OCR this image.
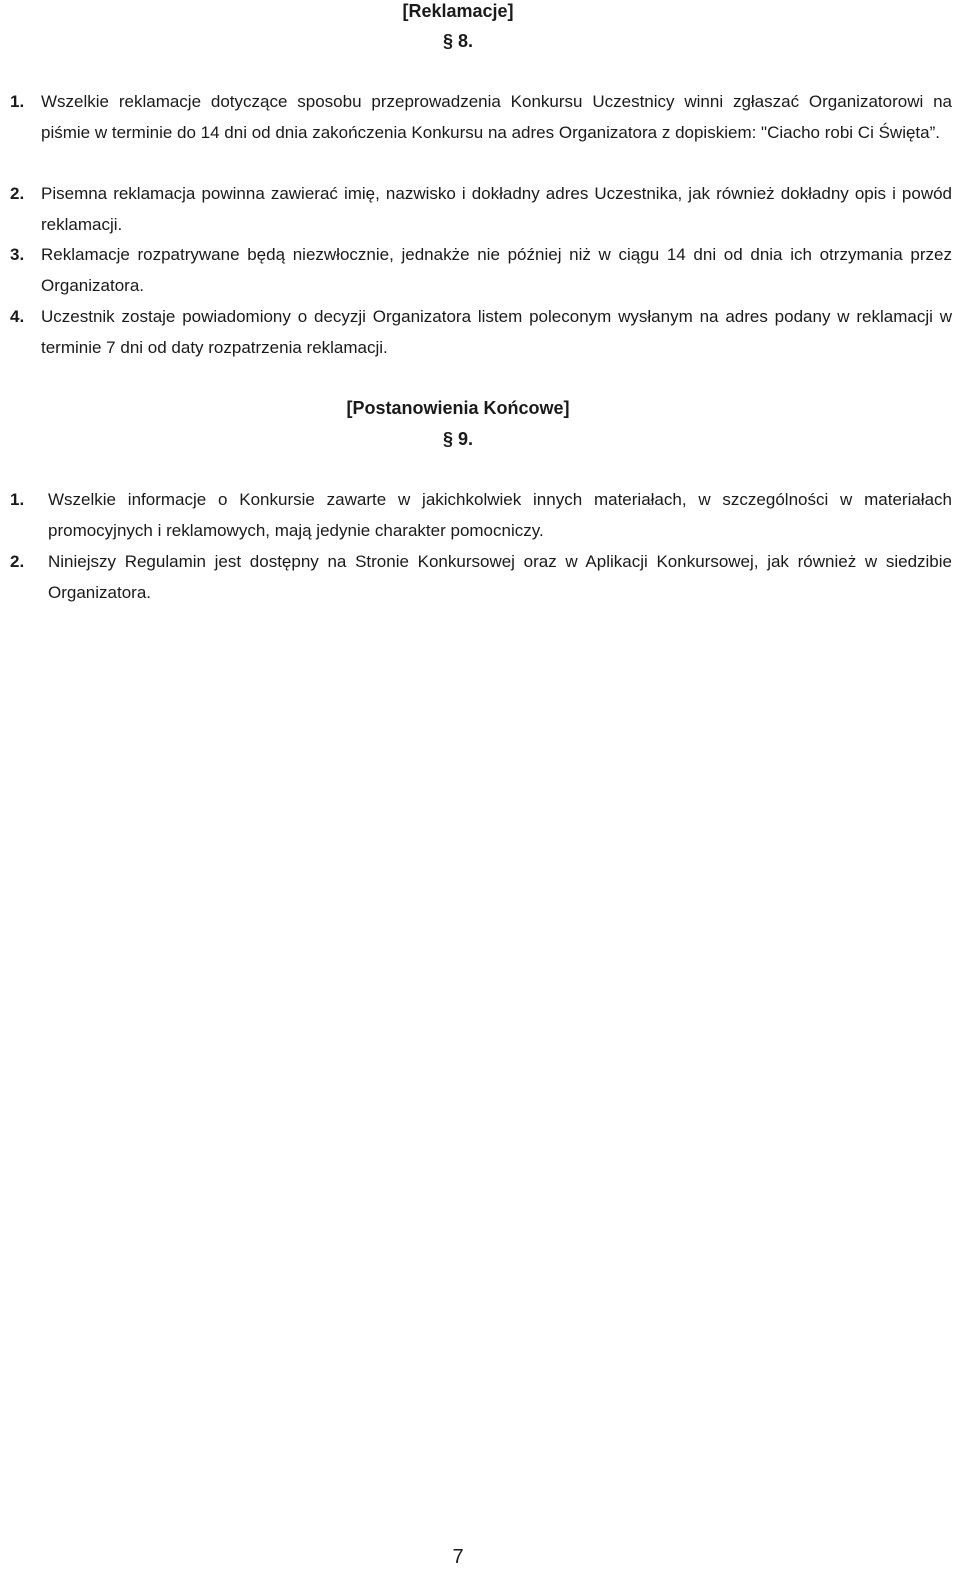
[Reklamacje]
§ 8.
1. Wszelkie reklamacje dotyczące sposobu przeprowadzenia Konkursu Uczestnicy winni zgłaszać Organizatorowi na piśmie w terminie do 14 dni od dnia zakończenia Konkursu na adres Organizatora z dopiskiem: "Ciacho robi Ci Święta”.
2. Pisemna reklamacja powinna zawierać imię, nazwisko i dokładny adres Uczestnika, jak również dokładny opis i powód reklamacji.
3. Reklamacje rozpatrywane będą niezwłocznie, jednakże nie później niż w ciągu 14 dni od dnia ich otrzymania przez Organizatora.
4. Uczestnik zostaje powiadomiony o decyzji Organizatora listem poleconym wysłanym na adres podany w reklamacji w terminie 7 dni od daty rozpatrzenia reklamacji.
[Postanowienia Końcowe]
§ 9.
1. Wszelkie informacje o Konkursie zawarte w jakichkolwiek innych materiałach, w szczególności w materiałach promocyjnych i reklamowych, mają jedynie charakter pomocniczy.
2. Niniejszy Regulamin jest dostępny na Stronie Konkursowej oraz w Aplikacji Konkursowej, jak również w siedzibie Organizatora.
7
